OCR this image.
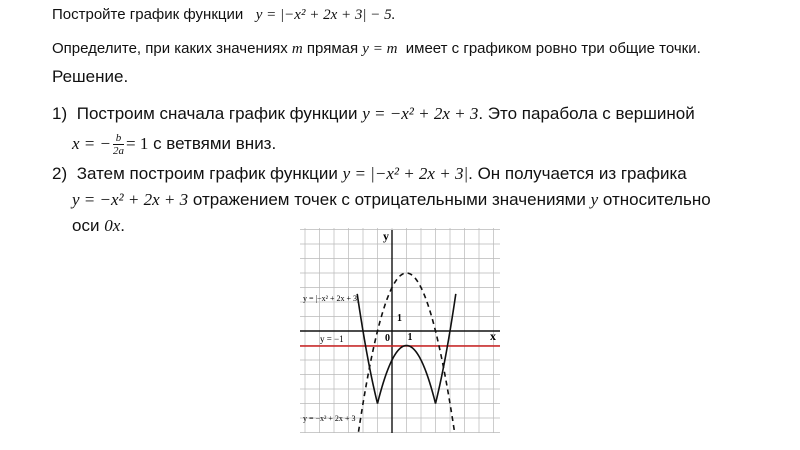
Постройте график функции y = |−x² + 2x + 3| − 5.
Определите, при каких значениях m прямая y = m имеет с графиком ровно три общие точки.
Решение.
1) Построим сначала график функции y = −x² + 2x + 3. Это парабола с вершиной
x = − $\frac{b}{2a} = 1$ с ветвями вниз.
2) Затем построим график функции y = |−x² + 2x + 3|. Он получается из графика
y = −x² + 2x + 3 отражением точек с отрицательными значениями y относительно
оси 0x.
y
x
0 1
1
y = |−x² + 2x + 3|
y = −1
y = −x² + 2x + 3
